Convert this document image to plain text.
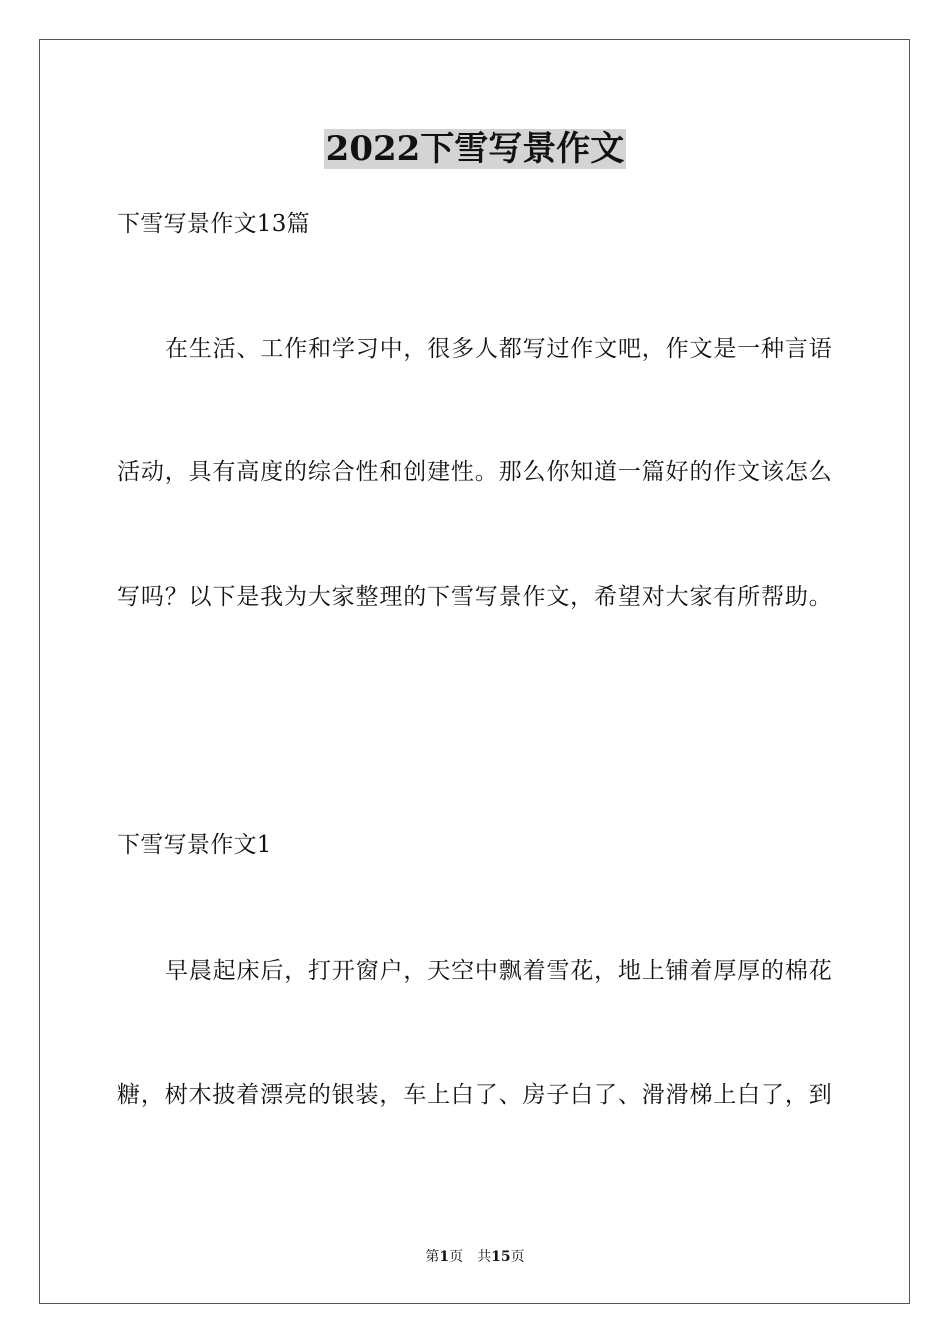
2022下雪写景作文
下雪写景作文13篇
在生活、工作和学习中，很多人都写过作文吧，作文是一种言语
活动，具有高度的综合性和创建性。那么你知道一篇好的作文该怎么
写吗？以下是我为大家整理的下雪写景作文，希望对大家有所帮助。
下雪写景作文1
早晨起床后，打开窗户，天空中飘着雪花，地上铺着厚厚的棉花
糖，树木披着漂亮的银装，车上白了、房子白了、滑滑梯上白了，到
第1页　共15页
